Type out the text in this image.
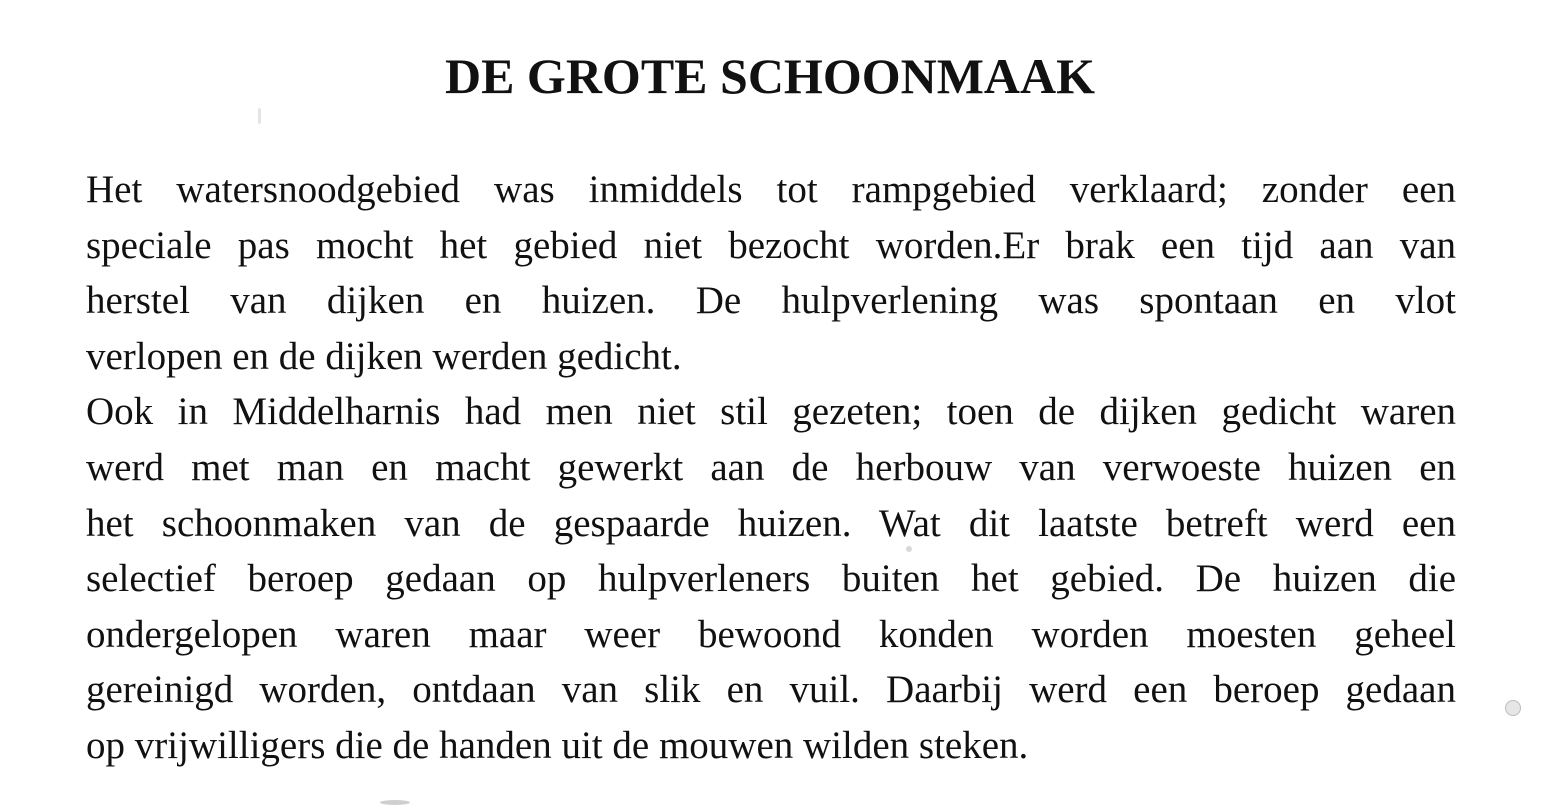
DE GROTE SCHOONMAAK
Het watersnoodgebied was inmiddels tot rampgebied verklaard; zonder een
speciale pas mocht het gebied niet bezocht worden.Er brak een tijd aan van
herstel van dijken en huizen. De hulpverlening was spontaan en vlot
verlopen en de dijken werden gedicht.
Ook in Middelharnis had men niet stil gezeten; toen de dijken gedicht waren
werd met man en macht gewerkt aan de herbouw van verwoeste huizen en
het schoonmaken van de gespaarde huizen. Wat dit laatste betreft werd een
selectief beroep gedaan op hulpverleners buiten het gebied. De huizen die
ondergelopen waren maar weer bewoond konden worden moesten geheel
gereinigd worden, ontdaan van slik en vuil. Daarbij werd een beroep gedaan
op vrijwilligers die de handen uit de mouwen wilden steken.
